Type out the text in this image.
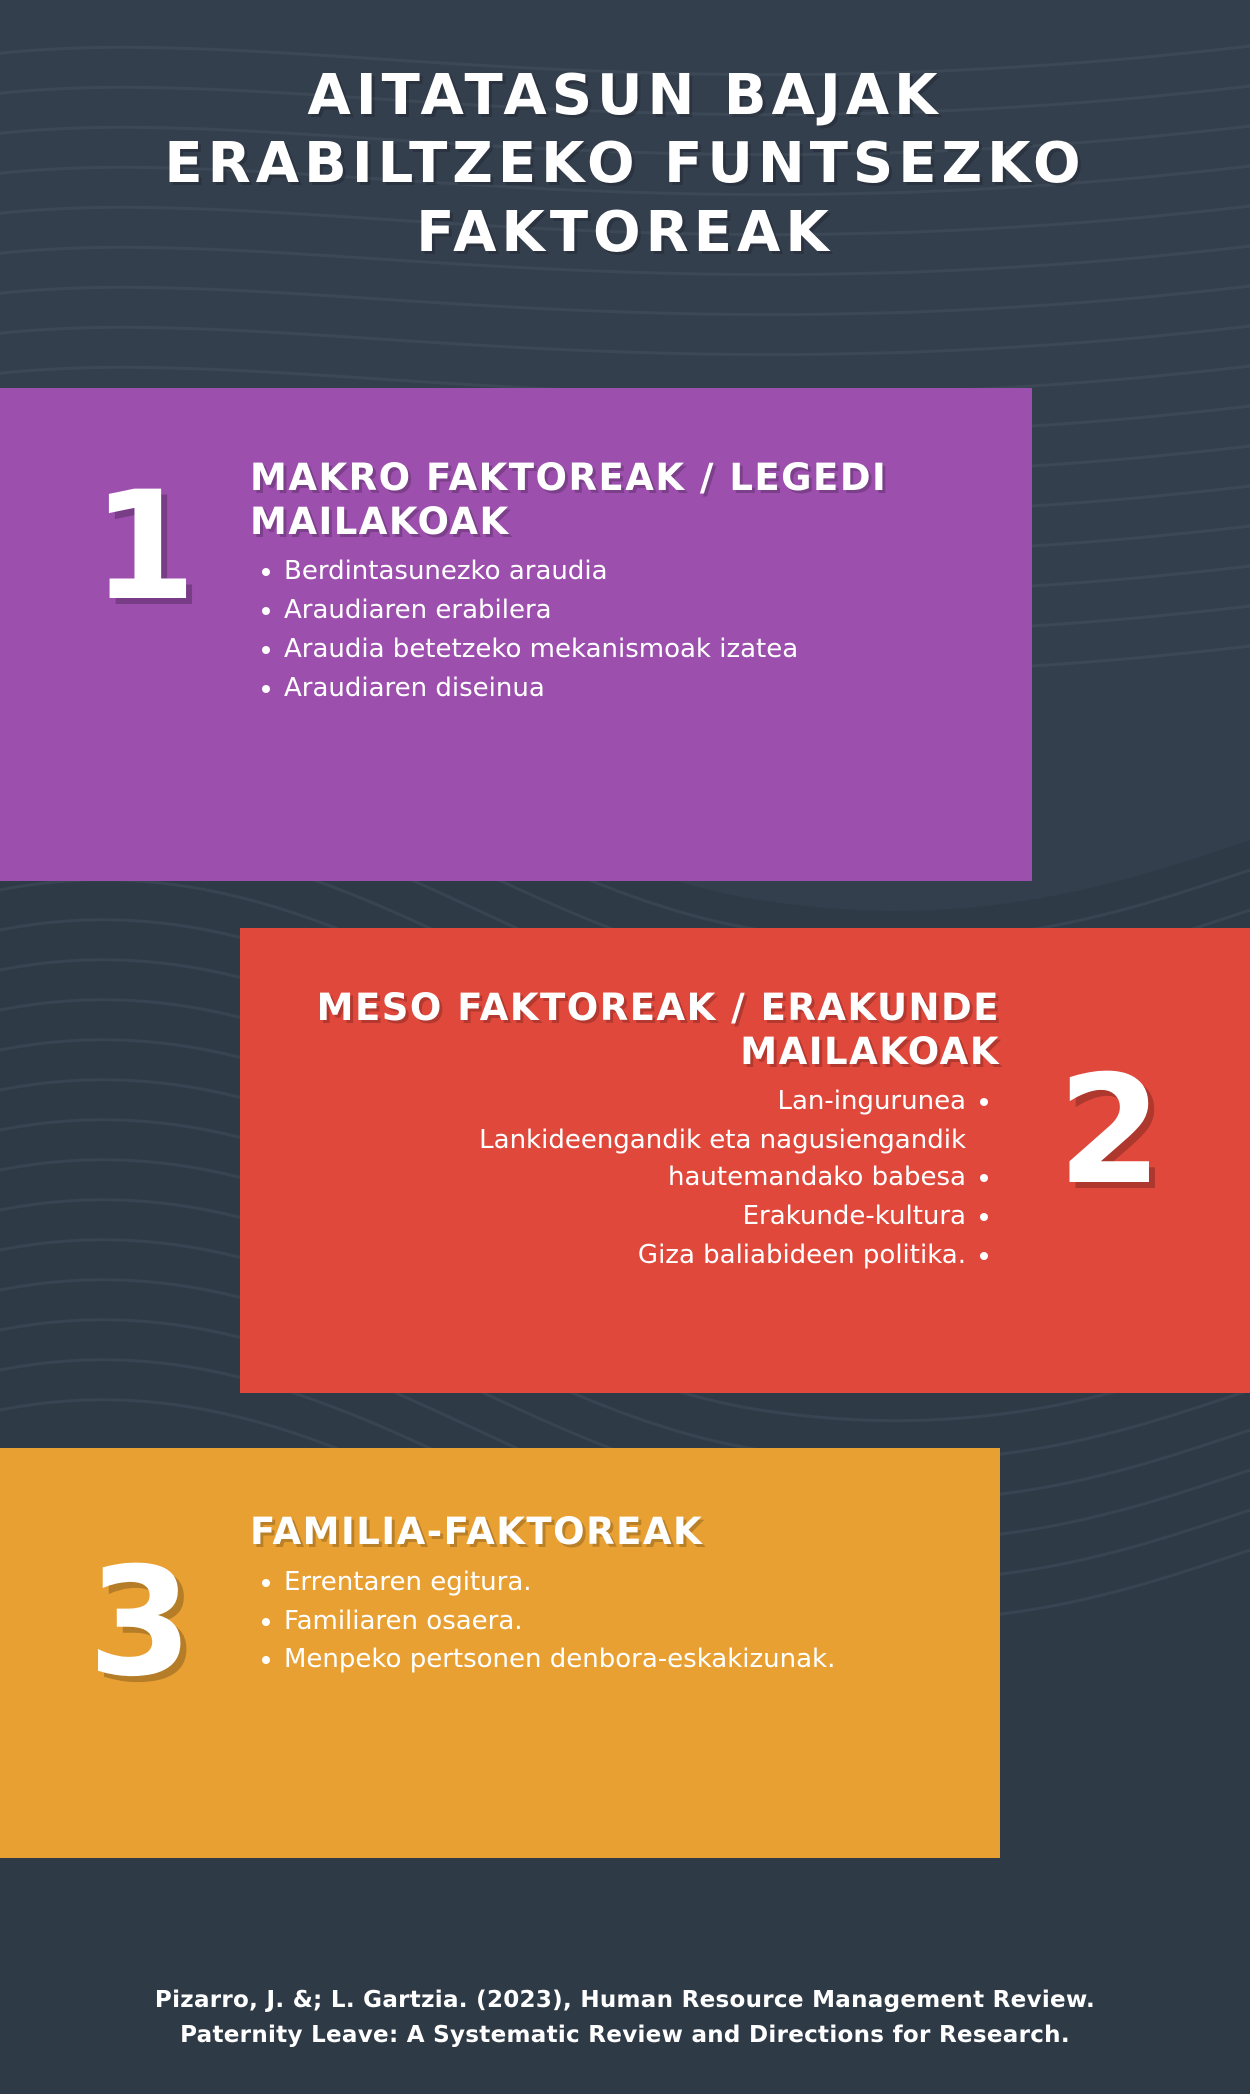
AITATASUN BAJAK ERABILTZEKO FUNTSEZKO FAKTOREAK
1 MAKRO FAKTOREAK / LEGEDI MAILAKOAK
• Berdintasunezko araudia
• Araudiaren erabilera
• Araudia betetzeko mekanismoak izatea
• Araudiaren diseinua
2
MESO FAKTOREAK / ERAKUNDE MAILAKOAK
• Lan-ingurunea
• Lankideengandik eta nagusiengandik hautemandako babesa
• Erakunde-kultura
• Giza baliabideen politika.
3
FAMILIA-FAKTOREAK
• Errentaren egitura.
• Familiaren osaera.
• Menpeko pertsonen denbora-eskakizunak.
Pizarro, J. &; L. Gartzia. (2023), Human Resource Management Review.
Paternity Leave: A Systematic Review and Directions for Research.
